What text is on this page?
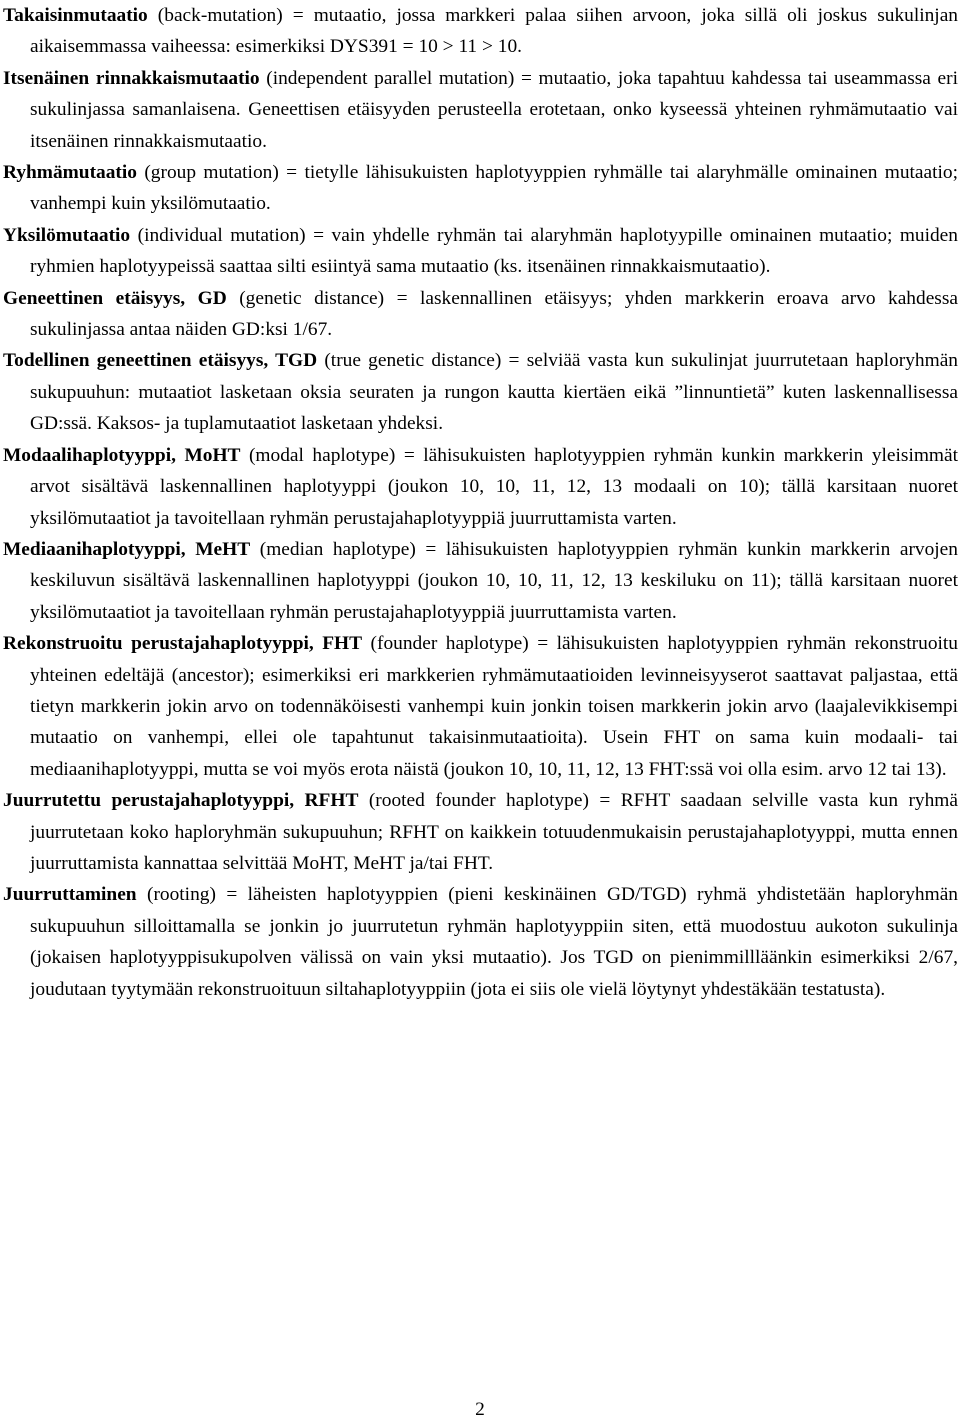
Takaisinmutaatio (back-mutation) = mutaatio, jossa markkeri palaa siihen arvoon, joka sillä oli joskus sukulinjan aikaisemmassa vaiheessa: esimerkiksi DYS391 = 10 > 11 > 10.

Itsenäinen rinnakkaismutaatio (independent parallel mutation) = mutaatio, joka tapahtuu kahdessa tai useammassa eri sukulinjassa samanlaisena. Geneettisen etäisyyden perusteella erotetaan, onko kyseessä yhteinen ryhmämutaatio vai itsenäinen rinnakkaismutaatio.

Ryhmämutaatio (group mutation) = tietylle lähisukuisten haplotyyppien ryhmälle tai alaryhmälle ominainen mutaatio; vanhempi kuin yksilömutaatio.

Yksilömutaatio (individual mutation) = vain yhdelle ryhmän tai alaryhmän haplotyypille ominainen mutaatio; muiden ryhmien haplotyypeissä saattaa silti esiintyä sama mutaatio (ks. itsenäinen rinnakkaismutaatio).

Geneettinen etäisyys, GD (genetic distance) = laskennallinen etäisyys; yhden markkerin eroava arvo kahdessa sukulinjassa antaa näiden GD:ksi 1/67.

Todellinen geneettinen etäisyys, TGD (true genetic distance) = selviää vasta kun sukulinjat juurrutetaan haploryhmän sukupuuhun: mutaatiot lasketaan oksia seuraten ja rungon kautta kiertäen eikä ”linnuntietä” kuten laskennallisessa GD:ssä. Kaksos- ja tuplamutaatiot lasketaan yhdeksi.

Modaalihaplotyyppi, MoHT (modal haplotype) = lähisukuisten haplotyyppien ryhmän kunkin markkerin yleisimmät arvot sisältävä laskennallinen haplotyyppi (joukon 10, 10, 11, 12, 13 modaali on 10); tällä karsitaan nuoret yksilömutaatiot ja tavoitellaan ryhmän perustajahaplotyyppiä juurruttamista varten.

Mediaanihaplotyyppi, MeHT (median haplotype) = lähisukuisten haplotyyppien ryhmän kunkin markkerin arvojen keskiluvun sisältävä laskennallinen haplotyyppi (joukon 10, 10, 11, 12, 13 keskiluku on 11); tällä karsitaan nuoret yksilömutaatiot ja tavoitellaan ryhmän perustajahaplotyyppiä juurruttamista varten.

Rekonstruoitu perustajahaplotyyppi, FHT (founder haplotype) = lähisukuisten haplotyyppien ryhmän rekonstruoitu yhteinen edeltäjä (ancestor); esimerkiksi eri markkerien ryhmämutaatioiden levinneisyyserot saattavat paljastaa, että tietyn markkerin jokin arvo on todennäköisesti vanhempi kuin jonkin toisen markkerin jokin arvo (laajalevikkisempi mutaatio on vanhempi, ellei ole tapahtunut takaisinmutaatioita). Usein FHT on sama kuin modaali- tai mediaanihaplotyyppi, mutta se voi myös erota näistä (joukon 10, 10, 11, 12, 13 FHT:ssä voi olla esim. arvo 12 tai 13).

Juurrutettu perustajahaplotyyppi, RFHT (rooted founder haplotype) = RFHT saadaan selville vasta kun ryhmä juurrutetaan koko haploryhmän sukupuuhun; RFHT on kaikkein totuudenmukaisin perustajahaplotyyppi, mutta ennen juurruttamista kannattaa selvittää MoHT, MeHT ja/tai FHT.

Juurruttaminen (rooting) = läheisten haplotyyppien (pieni keskinäinen GD/TGD) ryhmä yhdistetään haploryhmän sukupuuhun silloittamalla se jonkin jo juurrutetun ryhmän haplotyyppiin siten, että muodostuu aukoton sukulinja (jokaisen haplotyyppisukupolven välissä on vain yksi mutaatio). Jos TGD on pienimmillläänkin esimerkiksi 2/67, joudutaan tyytymään rekonstruoituun siltahaplotyyppiin (jota ei siis ole vielä löytynyt yhdestäkään testatusta).

2
